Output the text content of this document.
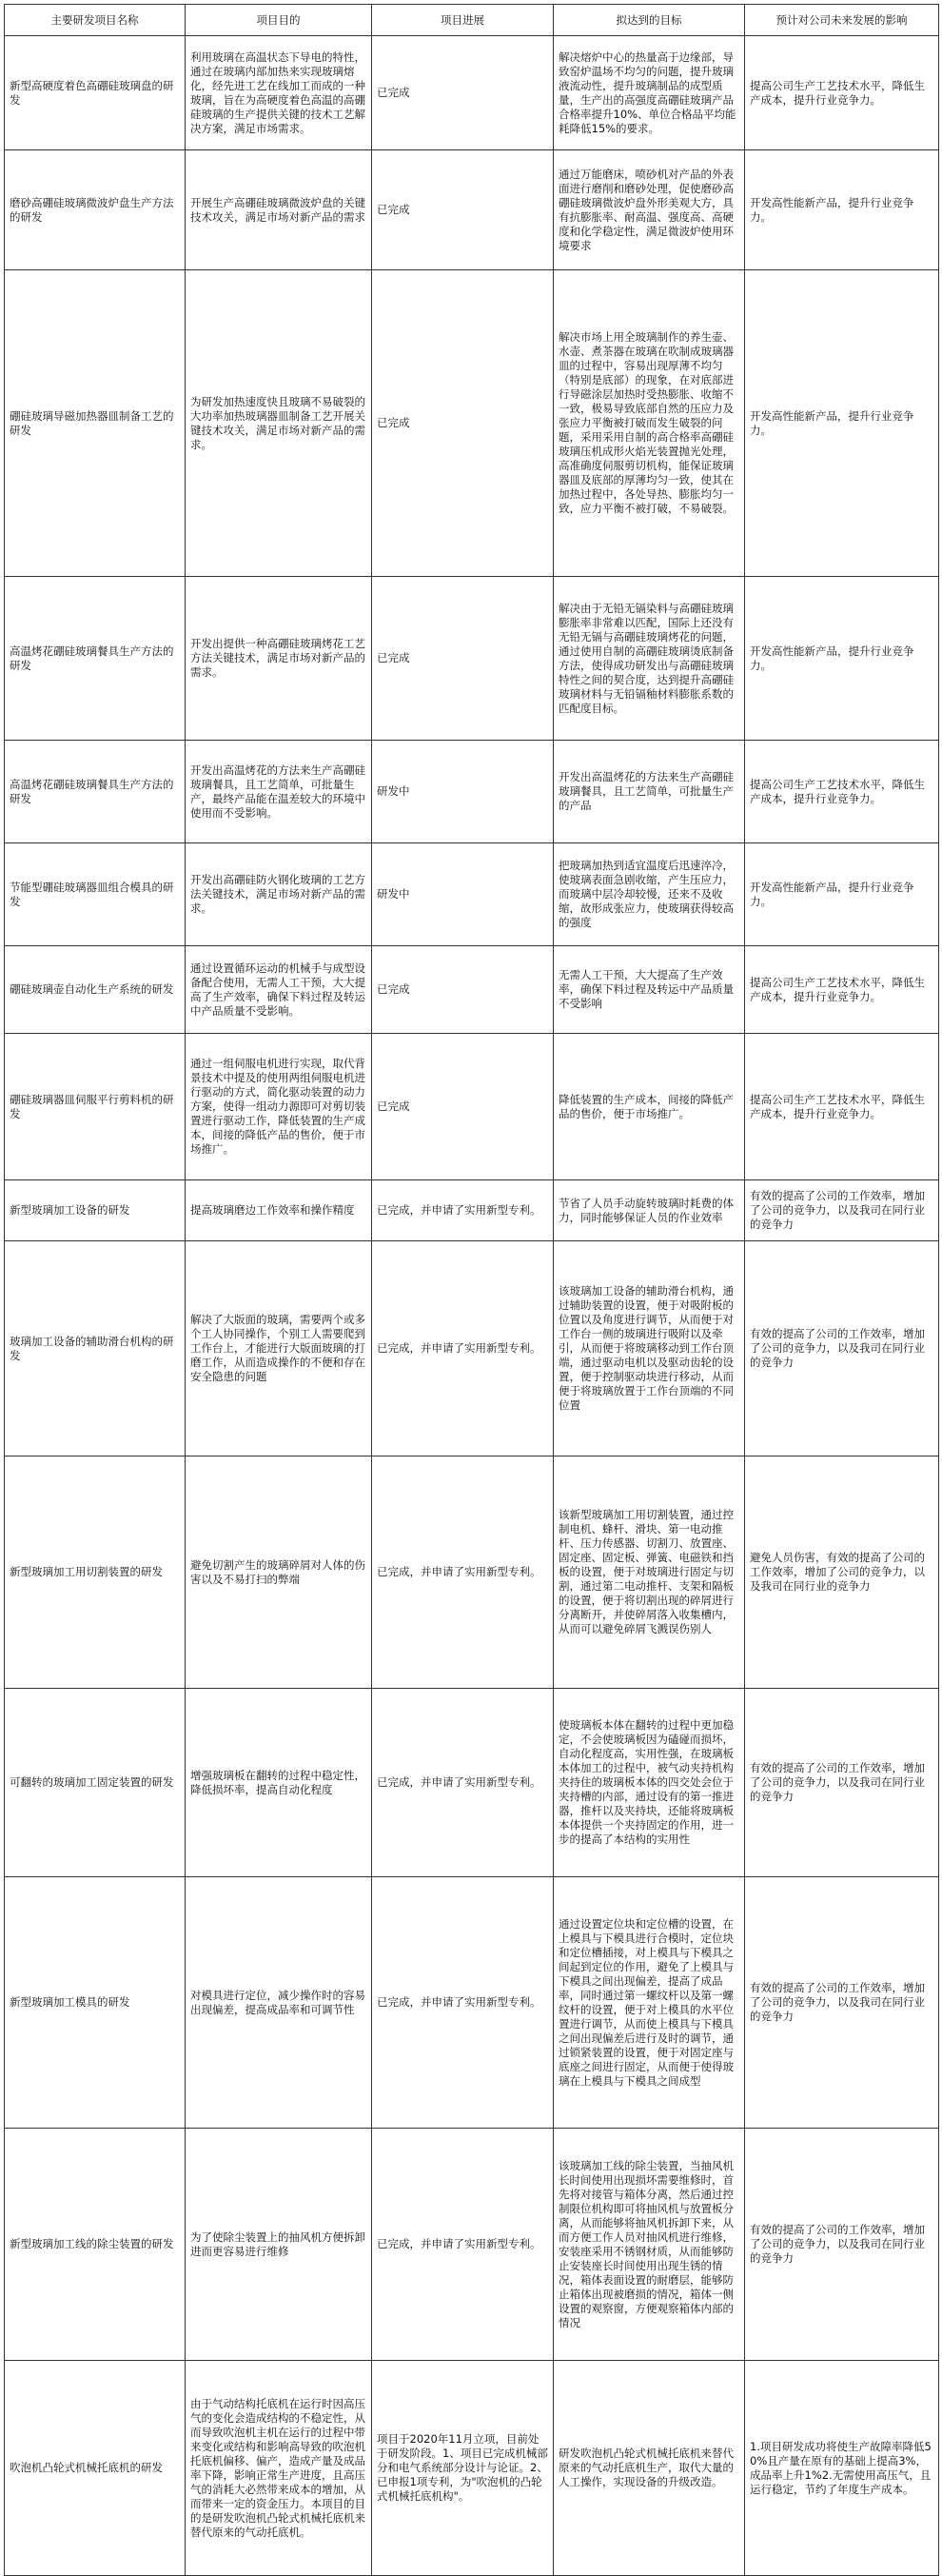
主要研发项目名称	项目目的	项目进展	拟达到的目标	预计对公司未来发展的影响
新型高硬度着色高硼硅玻璃盘的研发	利用玻璃在高温状态下导电的特性，通过在玻璃内部加热来实现玻璃熔化，经先进工艺在线加工而成的一种玻璃，旨在为高硬度着色高温的高硼硅玻璃的生产提供关键的技术工艺解决方案，满足市场需求。	已完成	解决熔炉中心的热量高于边缘部，导致窑炉温场不均匀的问题，提升玻璃液流动性，提升玻璃制品的成型质量，生产出的高强度高硼硅玻璃产品合格率提升10%、单位合格品平均能耗降低15%的要求。	提高公司生产工艺技术水平，降低生产成本，提升行业竞争力。
磨砂高硼硅玻璃微波炉盘生产方法的研发	开展生产高硼硅玻璃微波炉盘的关键技术攻关，满足市场对新产品的需求	已完成	通过万能磨床，喷砂机对产品的外表面进行磨削和磨砂处理，促使磨砂高硼硅玻璃微波炉盘外形美观大方，具有抗膨胀率、耐高温、强度高、高硬度和化学稳定性，满足微波炉使用环境要求	开发高性能新产品，提升行业竞争力。
硼硅玻璃导磁加热器皿制备工艺的研发	为研发加热速度快且玻璃不易破裂的大功率加热玻璃器皿制备工艺开展关键技术攻关，满足市场对新产品的需求。	已完成	解决市场上用全玻璃制作的养生壶、水壶、煮茶器在玻璃在吹制成玻璃器皿的过程中，容易出现厚薄不均匀（特别是底部）的现象，在对底部进行导磁涂层加热时受热膨胀、收缩不一致，极易导致底部自然的压应力及张应力平衡被打破而发生破裂的问题，采用采用自制的高合格率高硼硅玻璃压机成形火焰光装置抛光处理，高准确度伺服剪切机构，能保证玻璃器皿及底部的厚薄均匀一致，使其在加热过程中，各处导热、膨胀均匀一致，应力平衡不被打破，不易破裂。	开发高性能新产品，提升行业竞争力。
高温烤花硼硅玻璃餐具生产方法的研发	开发出提供一种高硼硅玻璃烤花工艺方法关键技术，满足市场对新产品的需求。	已完成	解决由于无铅无镉染料与高硼硅玻璃膨胀率非常难以匹配，国际上还没有无铅无镉与高硼硅玻璃烤花的问题，通过使用自制的高硼硅玻璃烫底制备方法，使得成功研发出与高硼硅玻璃特性之间的契合度，达到提升高硼硅玻璃材料与无铅镉釉材料膨胀系数的匹配度目标。	开发高性能新产品，提升行业竞争力。
高温烤花硼硅玻璃餐具生产方法的研发	开发出高温烤花的方法来生产高硼硅玻璃餐具，且工艺简单，可批量生产，最终产品能在温差较大的环境中使用而不受影响。	研发中	开发出高温烤花的方法来生产高硼硅玻璃餐具，且工艺简单，可批量生产的产品	提高公司生产工艺技术水平，降低生产成本，提升行业竞争力。
节能型硼硅玻璃器皿组合模具的研发	开发出高硼硅防火钢化玻璃的工艺方法关键技术，满足市场对新产品的需求。	研发中	把玻璃加热到适宜温度后迅速淬冷，使玻璃表面急剧收缩，产生压应力，而玻璃中层冷却较慢，还来不及收缩，故形成张应力，使玻璃获得较高的强度	开发高性能新产品，提升行业竞争力。
硼硅玻璃壶自动化生产系统的研发	通过设置循环运动的机械手与成型设备配合使用，无需人工干预，大大提高了生产效率，确保下料过程及转运中产品质量不受影响。	已完成	无需人工干预，大大提高了生产效率，确保下料过程及转运中产品质量不受影响	提高公司生产工艺技术水平，降低生产成本，提升行业竞争力。
硼硅玻璃器皿伺服平行剪料机的研发	通过一组伺服电机进行实现，取代背景技术中提及的使用两组伺服电机进行驱动的方式，简化驱动装置的动力方案，使得一组动力源即可对剪切装置进行驱动工作，降低装置的生产成本，间接的降低产品的售价，便于市场推广。	已完成	降低装置的生产成本，间接的降低产品的售价，便于市场推广。	提高公司生产工艺技术水平，降低生产成本，提升行业竞争力。
新型玻璃加工设备的研发	提高玻璃磨边工作效率和操作精度	已完成，并申请了实用新型专利。	节省了人员手动旋转玻璃时耗费的体力，同时能够保证人员的作业效率	有效的提高了公司的工作效率，增加了公司的竞争力，以及我司在同行业的竞争力
玻璃加工设备的辅助滑台机构的研发	解决了大版面的玻璃，需要两个或多个工人协同操作，个别工人需要爬到工作台上，才能进行大版面玻璃的打磨工作，从而造成操作的不便和存在安全隐患的问题	已完成，并申请了实用新型专利。	该玻璃加工设备的辅助滑台机构，通过辅助装置的设置，便于对吸附板的位置以及角度进行调节，从而便于对工作台一侧的玻璃进行吸附以及牵引，从而便于将玻璃移动到工作台顶端，通过驱动电机以及驱动齿轮的设置，便于控制驱动块进行移动，从而便于将玻璃放置于工作台顶端的不同位置	有效的提高了公司的工作效率，增加了公司的竞争力，以及我司在同行业的竞争力
新型玻璃加工用切割装置的研发	避免切割产生的玻璃碎屑对人体的伤害以及不易打扫的弊端	已完成，并申请了实用新型专利。	该新型玻璃加工用切割装置，通过控制电机、蜂杆、滑块、第一电动推杆、压力传感器、切割刀、放置座、固定座、固定板、弹簧、电磁铁和挡板的设置，便于对玻璃进行固定与切割，通过第二电动推杆、支架和隔板的设置，便于将切割出现的碎屑进行分离断开，并使碎屑落入收集槽内，从而可以避免碎屑飞溅误伤别人	避免人员伤害，有效的提高了公司的工作效率，增加了公司的竞争力，以及我司在同行业的竞争力
可翻转的玻璃加工固定装置的研发	增强玻璃板在翻转的过程中稳定性，降低损坏率，提高自动化程度	已完成，并申请了实用新型专利。	使玻璃板本体在翻转的过程中更加稳定，不会使玻璃板因为磕碰而损坏，自动化程度高，实用性强，在玻璃板本体加工的过程中，被气动夹持机构夹持住的玻璃板本体的四交处会位于夹持槽的内部，通过设有的第一推进器，推杆以及夹持块，还能将玻璃板本体提供一个夹持固定的作用，进一步的提高了本结构的实用性	有效的提高了公司的工作效率，增加了公司的竞争力，以及我司在同行业的竞争力
新型玻璃加工模具的研发	对模具进行定位，减少操作时的容易出现偏差，提高成品率和可调节性	已完成，并申请了实用新型专利。	通过设置定位块和定位槽的设置，在上模具与下模具进行合模时，定位块和定位槽插接，对上模具与下模具之间起到定位的作用，避免了上模具与下模具之间出现偏差，提高了成品率，同时通过第一螺纹杆以及第一螺纹杆的设置，便于对上模具的水平位置进行调节，从而使上模具与下模具之间出现偏差后进行及时的调节，通过锁紧装置的设置，便于对固定座与底座之间进行固定，从而便于使得玻璃在上模具与下模具之间成型	有效的提高了公司的工作效率，增加了公司的竞争力，以及我司在同行业的竞争力
新型玻璃加工线的除尘装置的研发	为了使除尘装置上的抽风机方便拆卸进而更容易进行维修	已完成，并申请了实用新型专利。	该玻璃加工线的除尘装置，当抽风机长时间使用出现损坏需要维修时，首先将对接管与箱体分离，然后通过控制限位机构即可将抽风机与放置板分离，从而能够将抽风机拆卸下来，从而方便工作人员对抽风机进行维修，安装座采用不锈钢材质，从而能够防止安装座长时间使用出现生锈的情况，箱体表面设置的耐磨层，能够防止箱体出现被磨损的情况，箱体一侧设置的观察窗，方便观察箱体内部的情况	有效的提高了公司的工作效率，增加了公司的竞争力，以及我司在同行业的竞争力
吹泡机凸轮式机械托底机的研发	由于气动结构托底机在运行时因高压气的变化会造成结构的不稳定性，从而导致吹泡机主机在运行的过程中带来变化或结构和影响高导致的吹泡机托底机偏移、偏产，造成产量及成品率下降，影响正常生产进度，且高压气的消耗大必然带来成本的增加，从而带来一定的资金压力。本项目的目的是研发吹泡机凸轮式机械托底机来替代原来的气动托底机。	项目于2020年11月立项，目前处于研发阶段。1、项目已完成机械部分和电气系统部分设计与论证。2、已申报1项专利，为"吹泡机的凸轮式机械托底机构"。	研发吹泡机凸轮式机械托底机来替代原来的气动托底机生产，取代大量的人工操作，实现设备的升级改造。	1.项目研发成功将使生产故障率降低50%且产量在原有的基础上提高3%，成品率上升1%2.无需使用高压气，且运行稳定，节约了年度生产成本。
